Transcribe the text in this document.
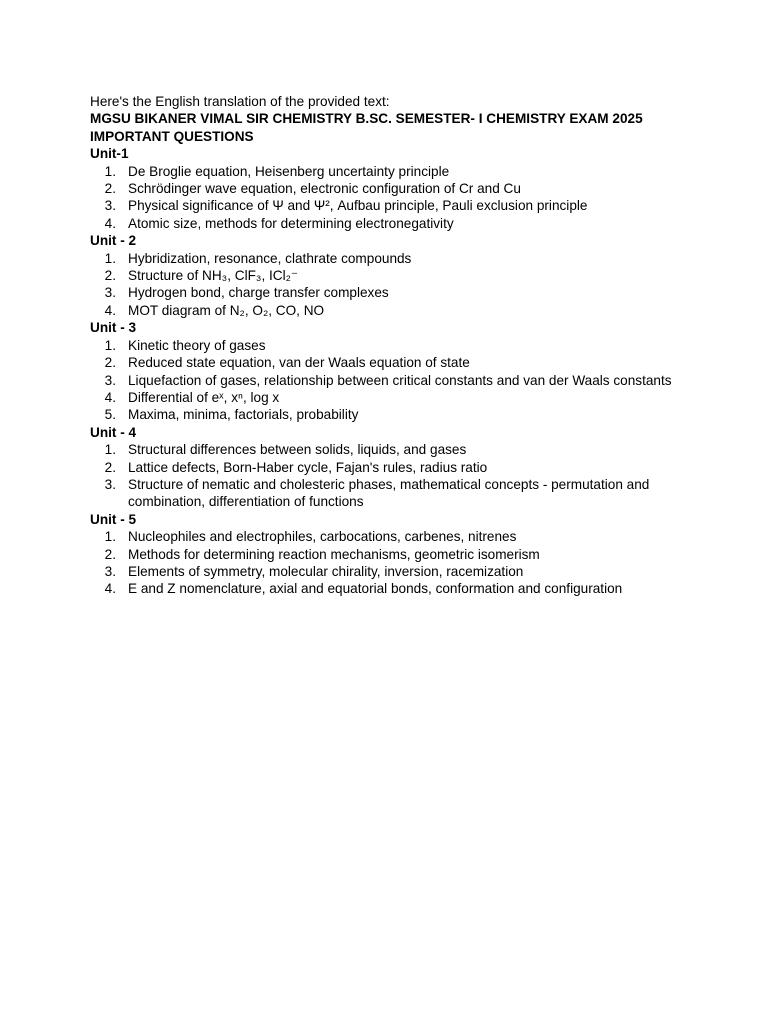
Here's the English translation of the provided text:

MGSU BIKANER VIMAL SIR CHEMISTRY B.SC. SEMESTER- I CHEMISTRY EXAM 2025

IMPORTANT QUESTIONS

Unit-1

1. De Broglie equation, Heisenberg uncertainty principle
2. Schrödinger wave equation, electronic configuration of Cr and Cu
3. Physical significance of Ψ and Ψ², Aufbau principle, Pauli exclusion principle
4. Atomic size, methods for determining electronegativity

Unit - 2

1. Hybridization, resonance, clathrate compounds
2. Structure of NH₃, ClF₃, ICl₂⁻
3. Hydrogen bond, charge transfer complexes
4. MOT diagram of N₂, O₂, CO, NO

Unit - 3

1. Kinetic theory of gases
2. Reduced state equation, van der Waals equation of state
3. Liquefaction of gases, relationship between critical constants and van der Waals constants
4. Differential of eˣ, xⁿ, log x
5. Maxima, minima, factorials, probability

Unit - 4

1. Structural differences between solids, liquids, and gases
2. Lattice defects, Born-Haber cycle, Fajan's rules, radius ratio
3. Structure of nematic and cholesteric phases, mathematical concepts - permutation and combination, differentiation of functions

Unit - 5

1. Nucleophiles and electrophiles, carbocations, carbenes, nitrenes
2. Methods for determining reaction mechanisms, geometric isomerism
3. Elements of symmetry, molecular chirality, inversion, racemization
4. E and Z nomenclature, axial and equatorial bonds, conformation and configuration
